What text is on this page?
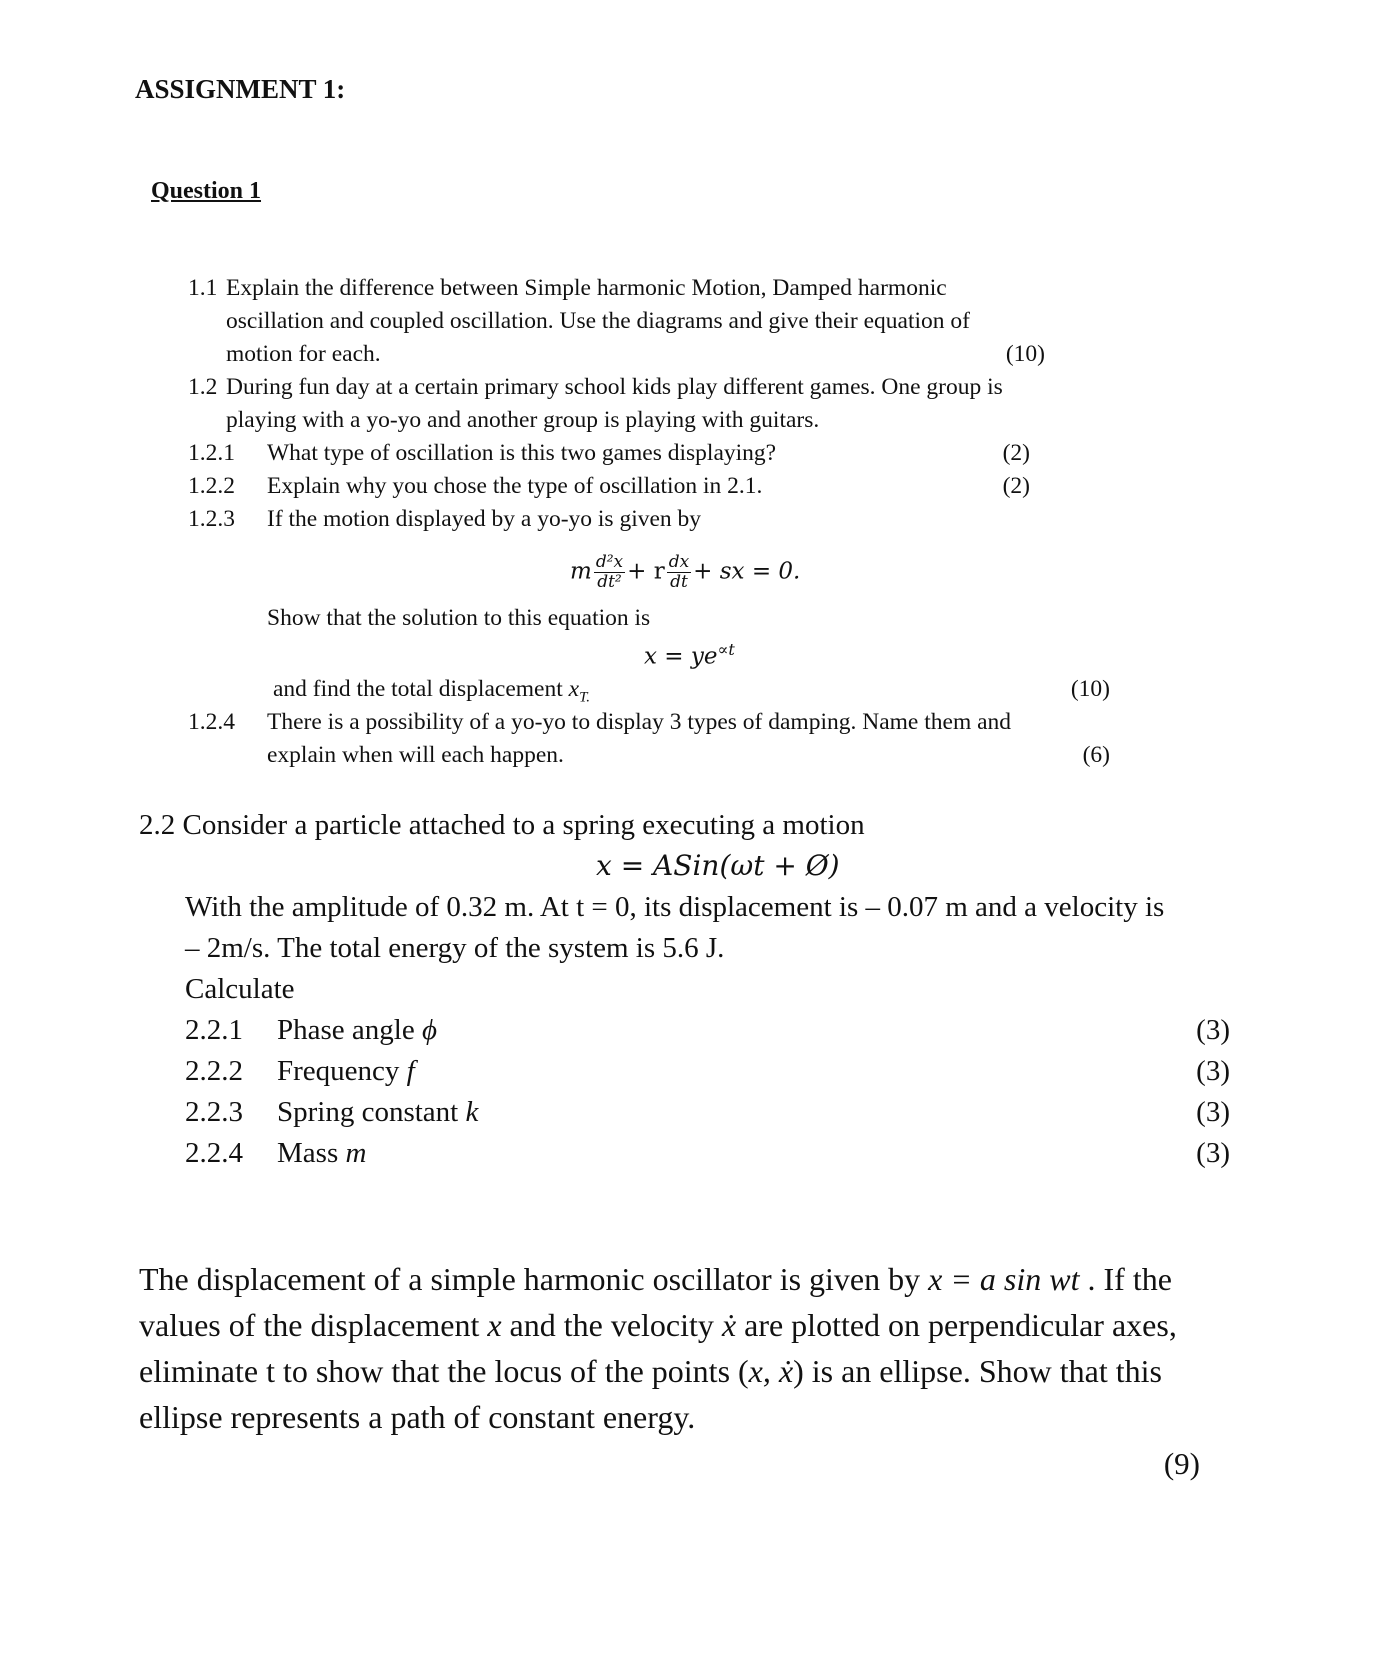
ASSIGNMENT 1:
Question 1
1.1 Explain the difference between Simple harmonic Motion, Damped harmonic
oscillation and coupled oscillation. Use the diagrams and give their equation of
motion for each.	(10)
1.2 During fun day at a certain primary school kids play different games. One group is
playing with a yo-yo and another group is playing with guitars.
1.2.1 What type of oscillation is this two games displaying?	(2)
1.2.2 Explain why you chose the type of oscillation in 2.1.	(2)
1.2.3 If the motion displayed by a yo-yo is given by
m $\frac{\text{d²x}}{\text{dt²}} + r \frac{dx}{dt}$ + sx = 0.
Show that the solution to this equation is
$x = ye^{\propto t}$
and find the total displacement $x_{T.}$	(10)
1.2.4 There is a possibility of a yo-yo to display 3 types of damping. Name them and
explain when will each happen.	(6)
2.2 Consider a particle attached to a spring executing a motion
x = ASin(ωt + Ø)
With the amplitude of 0.32 m. At t = 0, its displacement is – 0.07 m and a velocity is
– 2m/s. The total energy of the system is 5.6 J.
Calculate
2.2.1 Phase angle ϕ	(3)
2.2.2 Frequency f	(3)
2.2.3 Spring constant k	(3)
2.2.4 Mass m	(3)
The displacement of a simple harmonic oscillator is given by x = a sin wt . If the
values of the displacement x and the velocity ẋ are plotted on perpendicular axes,
eliminate t to show that the locus of the points (x, ẋ) is an ellipse. Show that this
ellipse represents a path of constant energy.
(9)
